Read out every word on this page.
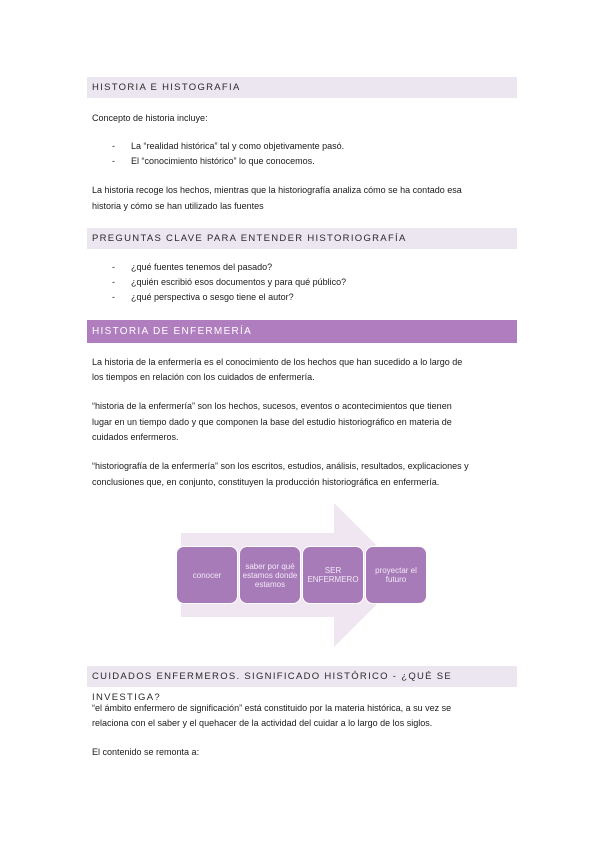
HISTORIA E HISTOGRAFIA
Concepto de historia incluye:
- La “realidad histórica” tal y como objetivamente pasó.
- El “conocimiento histórico” lo que conocemos.
La historia recoge los hechos, mientras que la historiografía analiza cómo se ha contado esa
historia y cómo se han utilizado las fuentes
PREGUNTAS CLAVE PARA ENTENDER HISTORIOGRAFÍA
- ¿qué fuentes tenemos del pasado?
- ¿quién escribió esos documentos y para qué público?
- ¿qué perspectiva o sesgo tiene el autor?
HISTORIA DE ENFERMERÍA
La historia de la enfermería es el conocimiento de los hechos que han sucedido a lo largo de
los tiempos en relación con los cuidados de enfermería.
“historia de la enfermería” son los hechos, sucesos, eventos o acontecimientos que tienen
lugar en un tiempo dado y que componen la base del estudio historiográfico en materia de
cuidados enfermeros.
“historiografía de la enfermería” son los escritos, estudios, análisis, resultados, explicaciones y
conclusiones que, en conjunto, constituyen la producción historiográfica en enfermería.
conocer
saber por qué estamos donde estamos
SER ENFERMERO
proyectar el futuro
CUIDADOS ENFERMEROS. SIGNIFICADO HISTÓRICO - ¿QUÉ SE INVESTIGA?
“el ámbito enfermero de significación” está constituido por la materia histórica, a su vez se
relaciona con el saber y el quehacer de la actividad del cuidar a lo largo de los siglos.
El contenido se remonta a:
